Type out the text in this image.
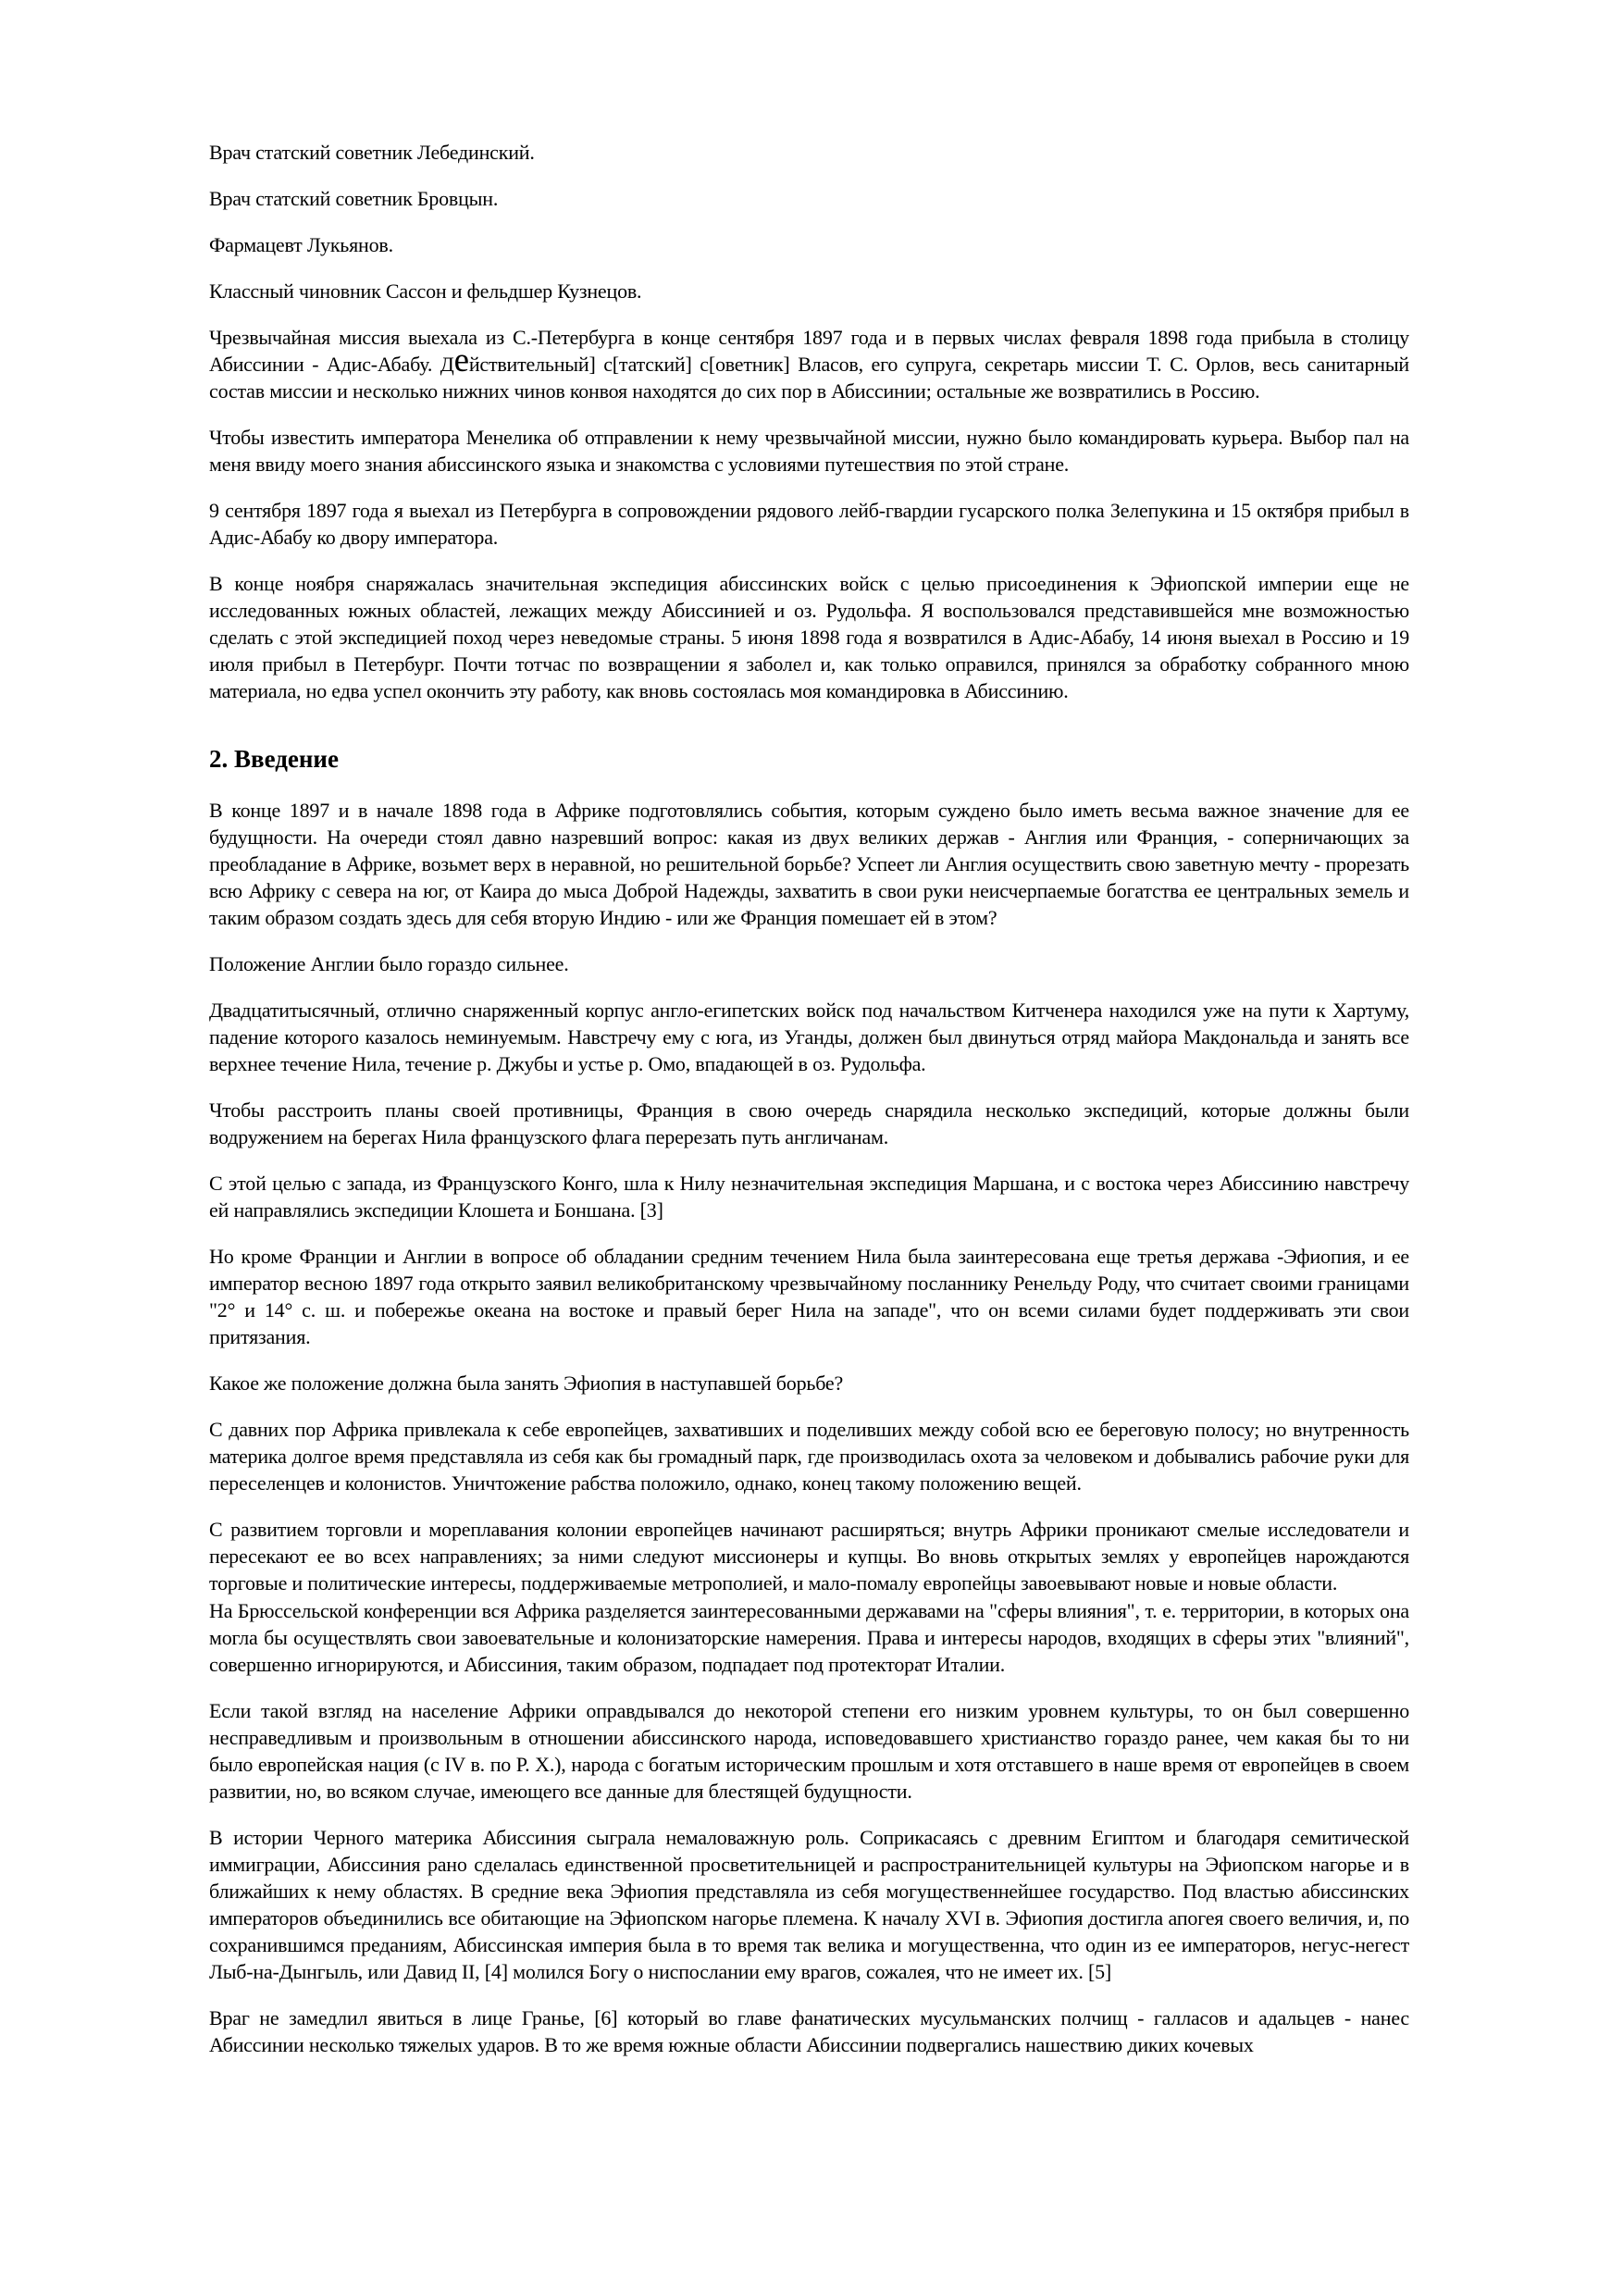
Врач статский советник Лебединский.

Врач статский советник Бровцын.

Фармацевт Лукьянов.

Классный чиновник Сассон и фельдшер Кузнецов.

Чрезвычайная миссия выехала из С.-Петербурга в конце сентября 1897 года и в первых числах февраля 1898 года прибыла в столицу Абиссинии - Адис-Абабу. Действительный] с[татский] с[оветник] Власов, его супруга, секретарь миссии Т. С. Орлов, весь санитарный состав миссии и несколько нижних чинов конвоя находятся до сих пор в Абиссинии; остальные же возвратились в Россию.

Чтобы известить императора Менелика об отправлении к нему чрезвычайной миссии, нужно было командировать курьера. Выбор пал на меня ввиду моего знания абиссинского языка и знакомства с условиями путешествия по этой стране.

9 сентября 1897 года я выехал из Петербурга в сопровождении рядового лейб-гвардии гусарского полка Зелепукина и 15 октября прибыл в Адис-Абабу ко двору императора.

В конце ноября снаряжалась значительная экспедиция абиссинских войск с целью присоединения к Эфиопской империи еще не исследованных южных областей, лежащих между Абиссинией и оз. Рудольфа. Я воспользовался представившейся мне возможностью сделать с этой экспедицией поход через неведомые страны. 5 июня 1898 года я возвратился в Адис-Абабу, 14 июня выехал в Россию и 19 июля прибыл в Петербург. Почти тотчас по возвращении я заболел и, как только оправился, принялся за обработку собранного мною материала, но едва успел окончить эту работу, как вновь состоялась моя командировка в Абиссинию.

2. Введение

В конце 1897 и в начале 1898 года в Африке подготовлялись события, которым суждено было иметь весьма важное значение для ее будущности. На очереди стоял давно назревший вопрос: какая из двух великих держав - Англия или Франция, - соперничающих за преобладание в Африке, возьмет верх в неравной, но решительной борьбе? Успеет ли Англия осуществить свою заветную мечту - прорезать всю Африку с севера на юг, от Каира до мыса Доброй Надежды, захватить в свои руки неисчерпаемые богатства ее центральных земель и таким образом создать здесь для себя вторую Индию - или же Франция помешает ей в этом?

Положение Англии было гораздо сильнее.

Двадцатитысячный, отлично снаряженный корпус англо-египетских войск под начальством Китченера находился уже на пути к Хартуму, падение которого казалось неминуемым. Навстречу ему с юга, из Уганды, должен был двинуться отряд майора Макдональда и занять все верхнее течение Нила, течение р. Джубы и устье р. Омо, впадающей в оз. Рудольфа.

Чтобы расстроить планы своей противницы, Франция в свою очередь снарядила несколько экспедиций, которые должны были водружением на берегах Нила французского флага перерезать путь англичанам.

С этой целью с запада, из Французского Конго, шла к Нилу незначительная экспедиция Маршана, и с востока через Абиссинию навстречу ей направлялись экспедиции Клошета и Боншана. [3]

Но кроме Франции и Англии в вопросе об обладании средним течением Нила была заинтересована еще третья держава -Эфиопия, и ее император весною 1897 года открыто заявил великобританскому чрезвычайному посланнику Ренельду Роду, что считает своими границами "2° и 14° с. ш. и побережье океана на востоке и правый берег Нила на западе", что он всеми силами будет поддерживать эти свои притязания.

Какое же положение должна была занять Эфиопия в наступавшей борьбе?

С давних пор Африка привлекала к себе европейцев, захвативших и поделивших между собой всю ее береговую полосу; но внутренность материка долгое время представляла из себя как бы громадный парк, где производилась охота за человеком и добывались рабочие руки для переселенцев и колонистов. Уничтожение рабства положило, однако, конец такому положению вещей.

С развитием торговли и мореплавания колонии европейцев начинают расширяться; внутрь Африки проникают смелые исследователи и пересекают ее во всех направлениях; за ними следуют миссионеры и купцы. Во вновь открытых землях у европейцев нарождаются торговые и политические интересы, поддерживаемые метрополией, и мало-помалу европейцы завоевывают новые и новые области.

На Брюссельской конференции вся Африка разделяется заинтересованными державами на "сферы влияния", т. е. территории, в которых она могла бы осуществлять свои завоевательные и колонизаторские намерения. Права и интересы народов, входящих в сферы этих "влияний", совершенно игнорируются, и Абиссиния, таким образом, подпадает под протекторат Италии.

Если такой взгляд на население Африки оправдывался до некоторой степени его низким уровнем культуры, то он был совершенно несправедливым и произвольным в отношении абиссинского народа, исповедовавшего христианство гораздо ранее, чем какая бы то ни было европейская нация (с IV в. по Р. Х.), народа с богатым историческим прошлым и хотя отставшего в наше время от европейцев в своем развитии, но, во всяком случае, имеющего все данные для блестящей будущности.

В истории Черного материка Абиссиния сыграла немаловажную роль. Соприкасаясь с древним Египтом и благодаря семитической иммиграции, Абиссиния рано сделалась единственной просветительницей и распространительницей культуры на Эфиопском нагорье и в ближайших к нему областях. В средние века Эфиопия представляла из себя могущественнейшее государство. Под властью абиссинских императоров объединились все обитающие на Эфиопском нагорье племена. К началу XVI в. Эфиопия достигла апогея своего величия, и, по сохранившимся преданиям, Абиссинская империя была в то время так велика и могущественна, что один из ее императоров, негус-негест Лыб-на-Дынгыль, или Давид II, [4] молился Богу о ниспослании ему врагов, сожалея, что не имеет их. [5]

Враг не замедлил явиться в лице Гранье, [6] который во главе фанатических мусульманских полчищ - галласов и адальцев - нанес Абиссинии несколько тяжелых ударов. В то же время южные области Абиссинии подвергались нашествию диких кочевых
